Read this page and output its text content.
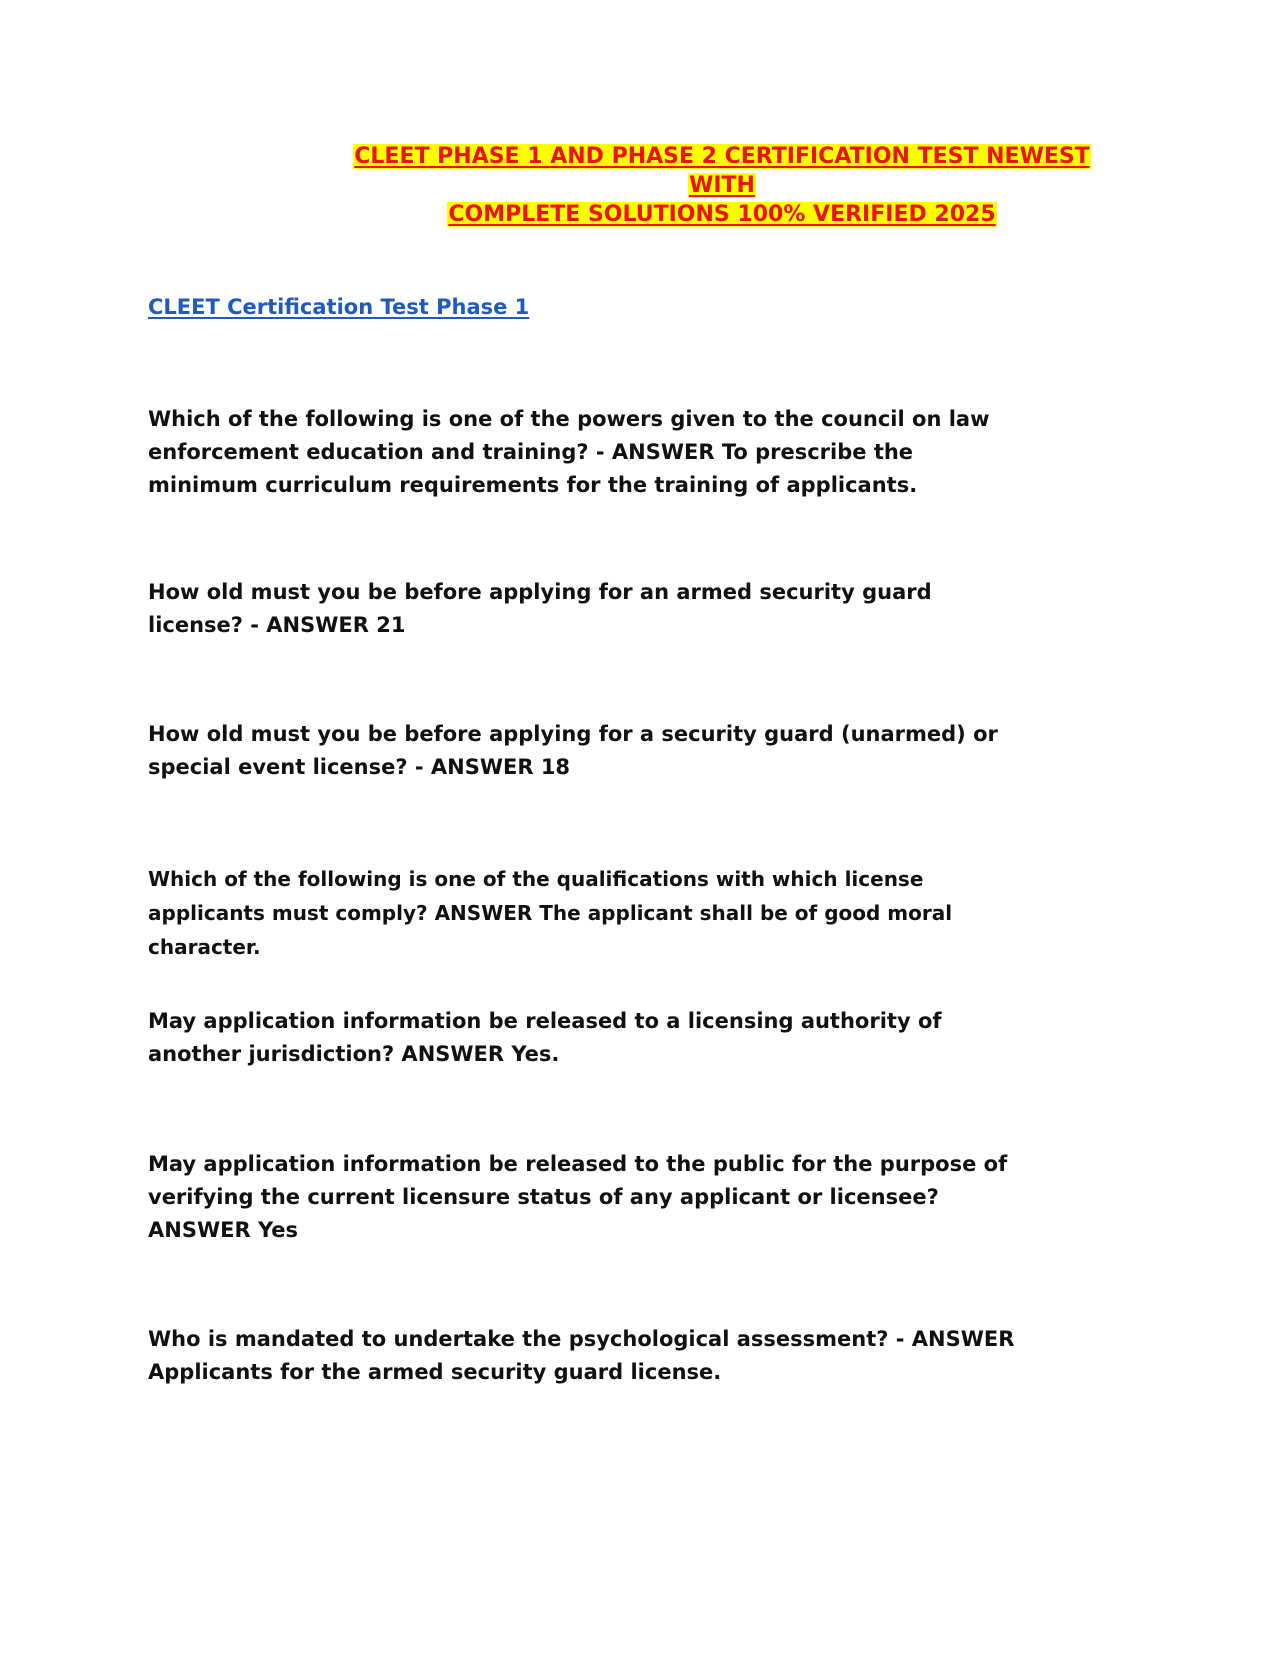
CLEET PHASE 1 AND PHASE 2 CERTIFICATION TEST NEWEST WITH
COMPLETE SOLUTIONS 100% VERIFIED 2025
CLEET Certification Test Phase 1

Which of the following is one of the powers given to the council on law enforcement education and training? - ANSWER To prescribe the minimum curriculum requirements for the training of applicants.

How old must you be before applying for an armed security guard license? - ANSWER 21

How old must you be before applying for a security guard (unarmed) or special event license? - ANSWER 18

Which of the following is one of the qualifications with which license applicants must comply? ANSWER The applicant shall be of good moral character.

May application information be released to a licensing authority of another jurisdiction? ANSWER Yes.

May application information be released to the public for the purpose of verifying the current licensure status of any applicant or licensee? ANSWER Yes

Who is mandated to undertake the psychological assessment? - ANSWER Applicants for the armed security guard license.
